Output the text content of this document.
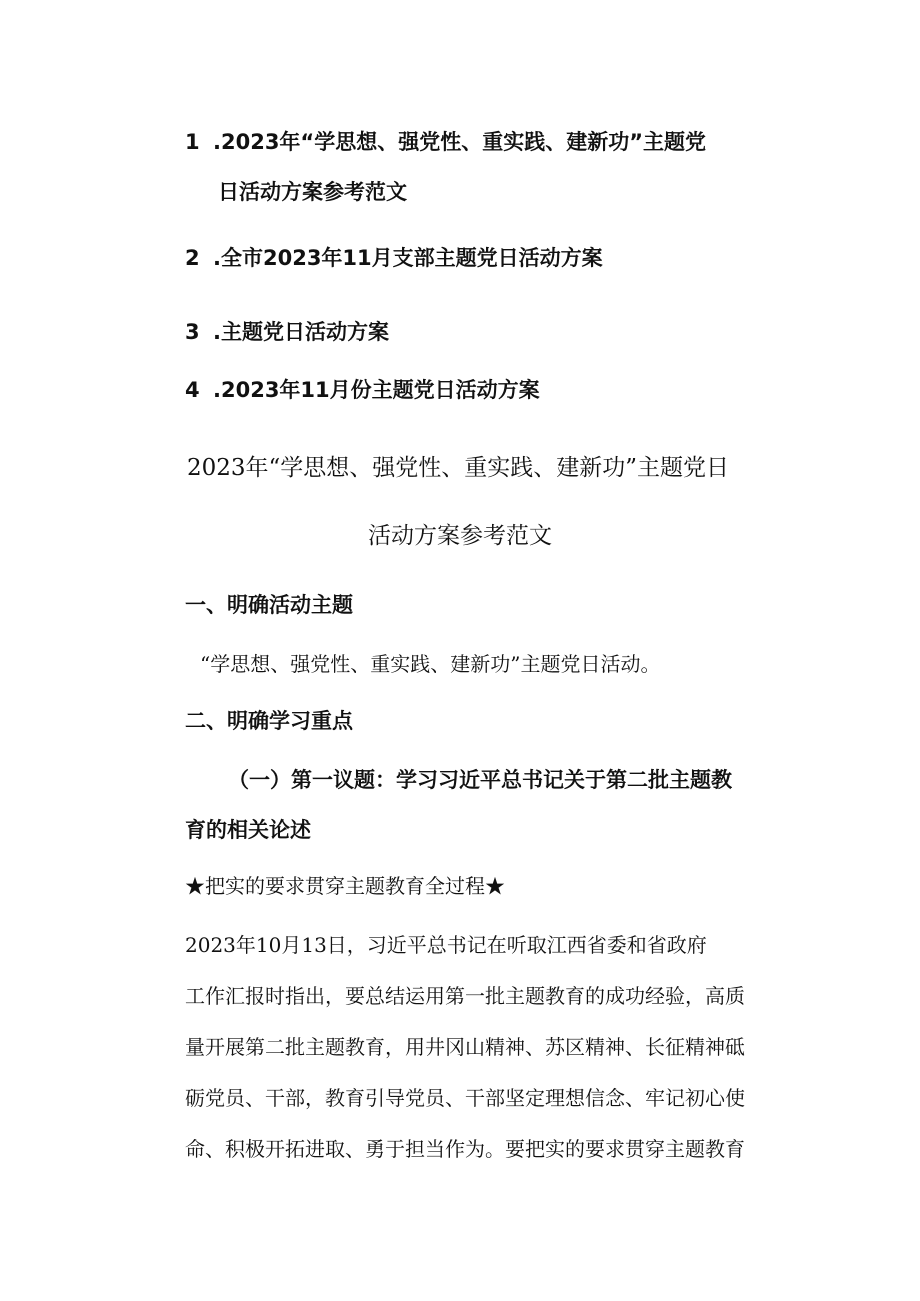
1 .2023年“学思想、强党性、重实践、建新功”主题党
日活动方案参考范文
2 .全市2023年11月支部主题党日活动方案
3 .主题党日活动方案
4 .2023年11月份主题党日活动方案
2023年“学思想、强党性、重实践、建新功”主题党日
活动方案参考范文
一、明确活动主题
“学思想、强党性、重实践、建新功”主题党日活动。
二、明确学习重点
（一）第一议题：学习习近平总书记关于第二批主题教
育的相关论述
★把实的要求贯穿主题教育全过程★
2023年10月13日，习近平总书记在听取江西省委和省政府
工作汇报时指出，要总结运用第一批主题教育的成功经验，高质
量开展第二批主题教育，用井冈山精神、苏区精神、长征精神砥
砺党员、干部，教育引导党员、干部坚定理想信念、牢记初心使
命、积极开拓进取、勇于担当作为。要把实的要求贯穿主题教育
